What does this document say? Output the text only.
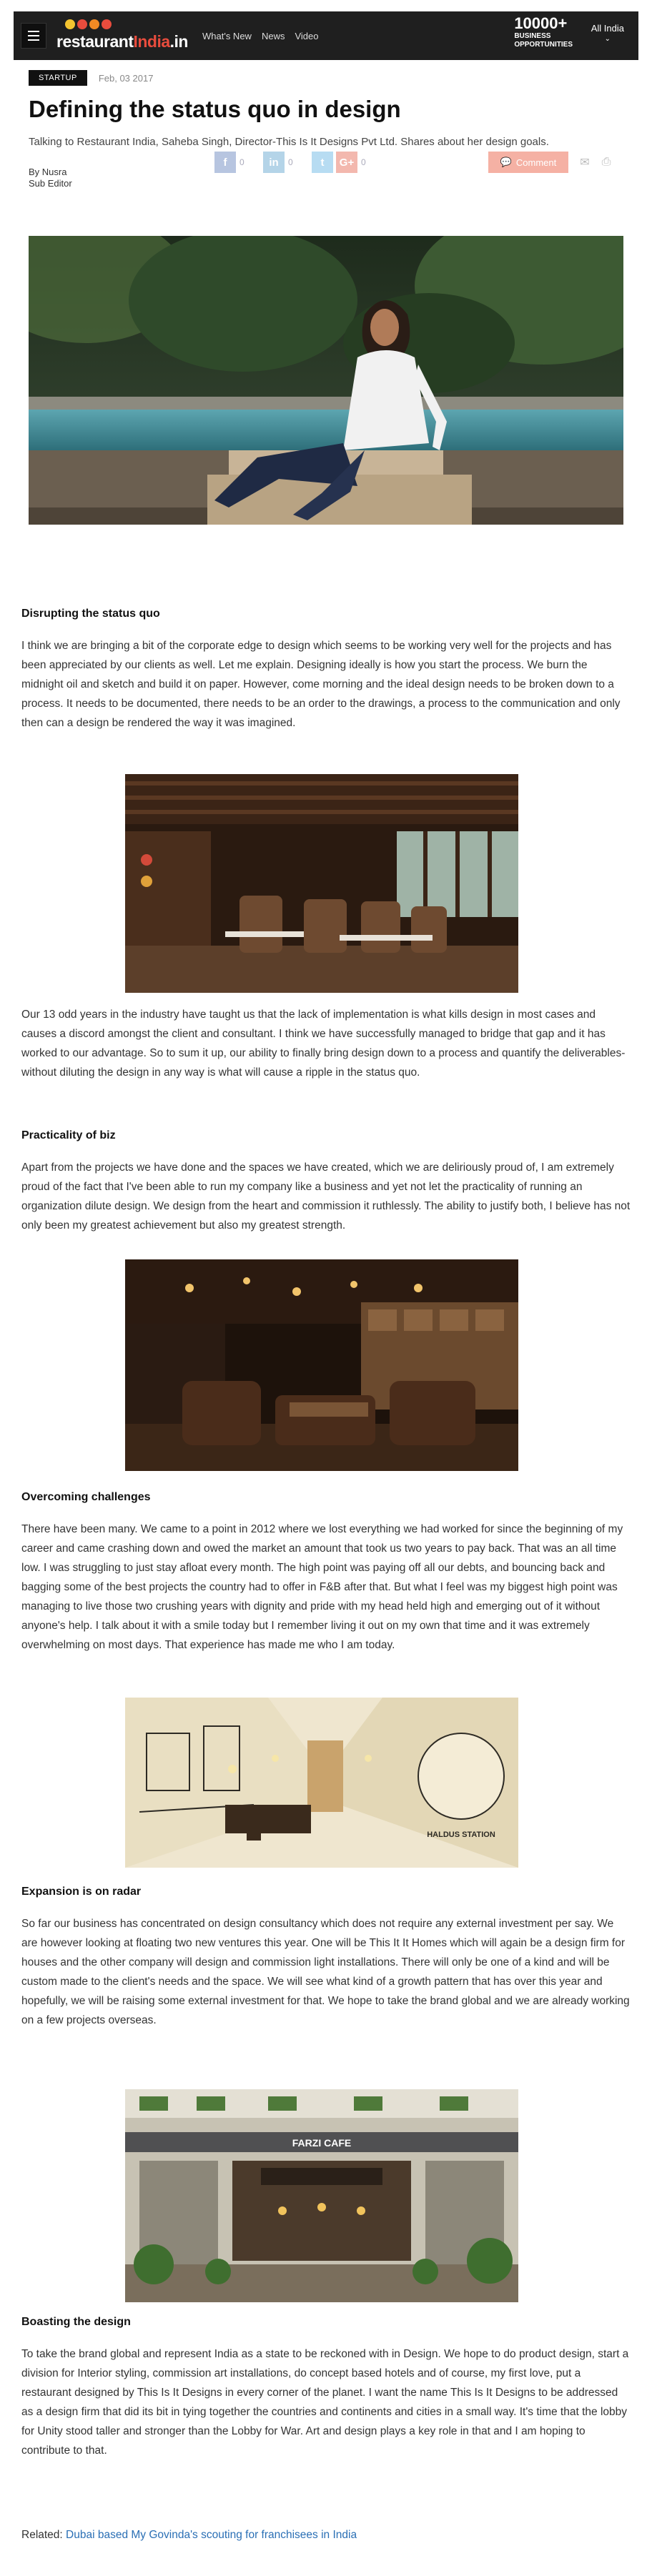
restaurantIndia.in What's New News Video
10000+
BUSINESS
OPPORTUNITIES
All India
⌄
STARTUP	Feb, 03 2017
Defining the status quo in design

Talking to Restaurant India, Saheba Singh, Director-This Is It Designs Pvt Ltd. Shares about her design goals.

By Nusra
Sub Editor
f 0 in 0	t G+ 0	💬 Comment ✉ ⎙
Disrupting the status quo

I think we are bringing a bit of the corporate edge to design which seems to be working very well for the projects and has been appreciated by our clients as well. Let me explain. Designing ideally is how you start the process. We burn the midnight oil and sketch and build it on paper. However, come morning and the ideal design needs to be broken down to a process. It needs to be documented, there needs to be an order to the drawings, a process to the communication and only then can a design be rendered the way it was imagined.

Our 13 odd years in the industry have taught us that the lack of implementation is what kills design in most cases and causes a discord amongst the client and consultant. I think we have successfully managed to bridge that gap and it has worked to our advantage. So to sum it up, our ability to finally bring design down to a process and quantify the deliverables-without diluting the design in any way is what will cause a ripple in the status quo.

Practicality of biz

Apart from the projects we have done and the spaces we have created, which we are deliriously proud of, I am extremely proud of the fact that I've been able to run my company like a business and yet not let the practicality of running an organization dilute design. We design from the heart and commission it ruthlessly. The ability to justify both, I believe has not only been my greatest achievement but also my greatest strength.

Overcoming challenges

There have been many. We came to a point in 2012 where we lost everything we had worked for since the beginning of my career and came crashing down and owed the market an amount that took us two years to pay back. That was an all time low. I was struggling to just stay afloat every month. The high point was paying off all our debts, and bouncing back and bagging some of the best projects the country had to offer in F&B after that. But what I feel was my biggest high point was managing to live those two crushing years with dignity and pride with my head held high and emerging out of it without anyone's help. I talk about it with a smile today but I remember living it out on my own that time and it was extremely overwhelming on most days. That experience has made me who I am today.

HALDUS STATION
Expansion is on radar

So far our business has concentrated on design consultancy which does not require any external investment per say. We are however looking at floating two new ventures this year. One will be This It It Homes which will again be a design firm for houses and the other company will design and commission light installations. There will only be one of a kind and will be custom made to the client's needs and the space. We will see what kind of a growth pattern that has over this year and hopefully, we will be raising some external investment for that. We hope to take the brand global and we are already working on a few projects overseas.

FARZI CAFE
Boasting the design

To take the brand global and represent India as a state to be reckoned with in Design. We hope to do product design, start a division for Interior styling, commission art installations, do concept based hotels and of course, my first love, put a restaurant designed by This Is It Designs in every corner of the planet. I want the name This Is It Designs to be addressed as a design firm that did its bit in tying together the countries and continents and cities in a small way. It's time that the lobby for Unity stood taller and stronger than the Lobby for War. Art and design plays a key role in that and I am hoping to contribute to that.

Related: Dubai based My Govinda's scouting for franchisees in India
